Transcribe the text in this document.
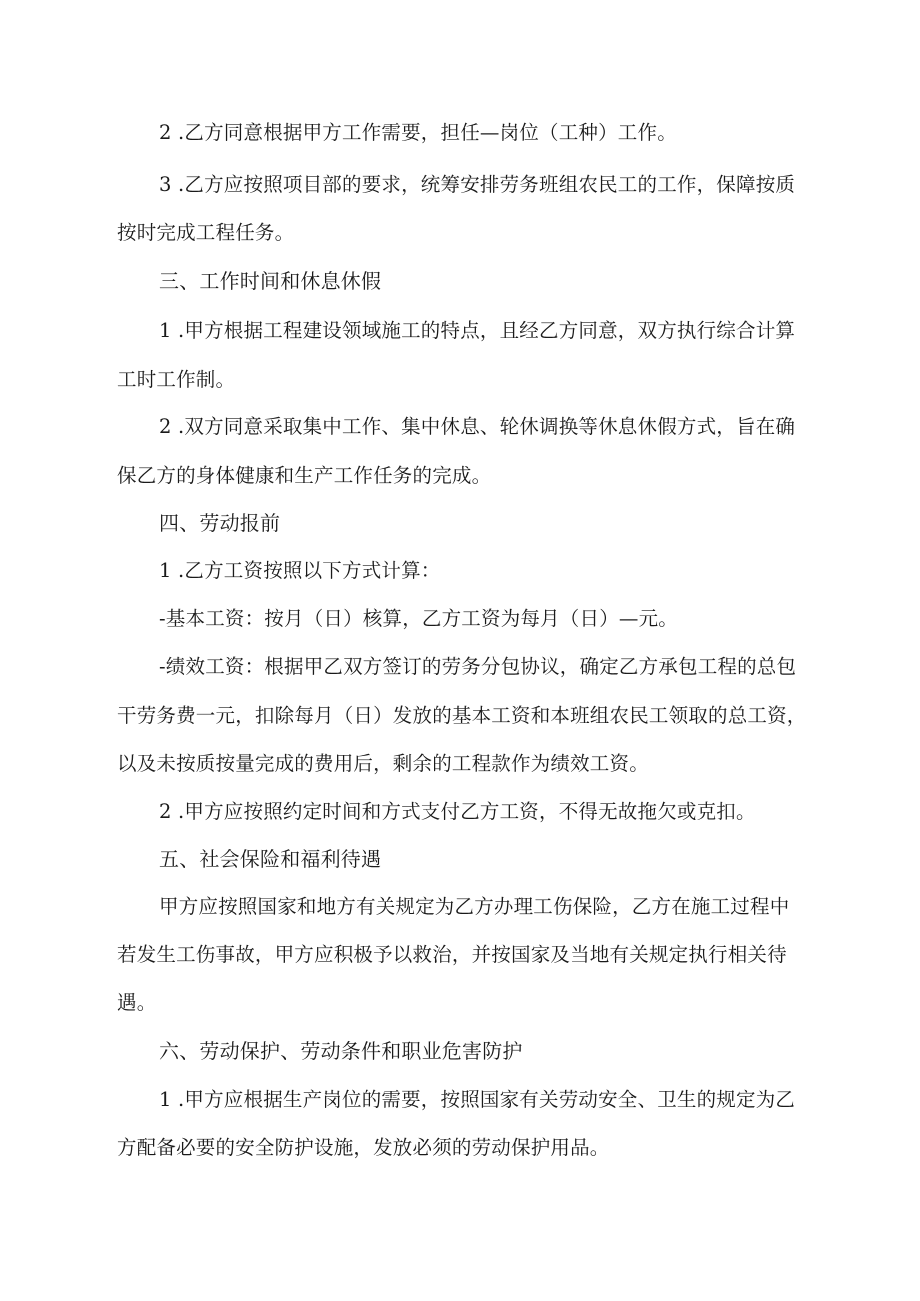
2 .乙方同意根据甲方工作需要，担任—岗位（工种）工作。
3 .乙方应按照项目部的要求，统筹安排劳务班组农民工的工作，保障按质
按时完成工程任务。
三、工作时间和休息休假
1 .甲方根据工程建设领域施工的特点，且经乙方同意，双方执行综合计算
工时工作制。
2 .双方同意采取集中工作、集中休息、轮休调换等休息休假方式，旨在确
保乙方的身体健康和生产工作任务的完成。
四、劳动报前
1 .乙方工资按照以下方式计算：
-基本工资：按月（日）核算，乙方工资为每月（日）—元。
-绩效工资：根据甲乙双方签订的劳务分包协议，确定乙方承包工程的总包
干劳务费一元，扣除每月（日）发放的基本工资和本班组农民工领取的总工资，
以及未按质按量完成的费用后，剩余的工程款作为绩效工资。
2 .甲方应按照约定时间和方式支付乙方工资，不得无故拖欠或克扣。
五、社会保险和福利待遇
甲方应按照国家和地方有关规定为乙方办理工伤保险，乙方在施工过程中
若发生工伤事故，甲方应积极予以救治，并按国家及当地有关规定执行相关待
遇。
六、劳动保护、劳动条件和职业危害防护
1 .甲方应根据生产岗位的需要，按照国家有关劳动安全、卫生的规定为乙
方配备必要的安全防护设施，发放必须的劳动保护用品。
